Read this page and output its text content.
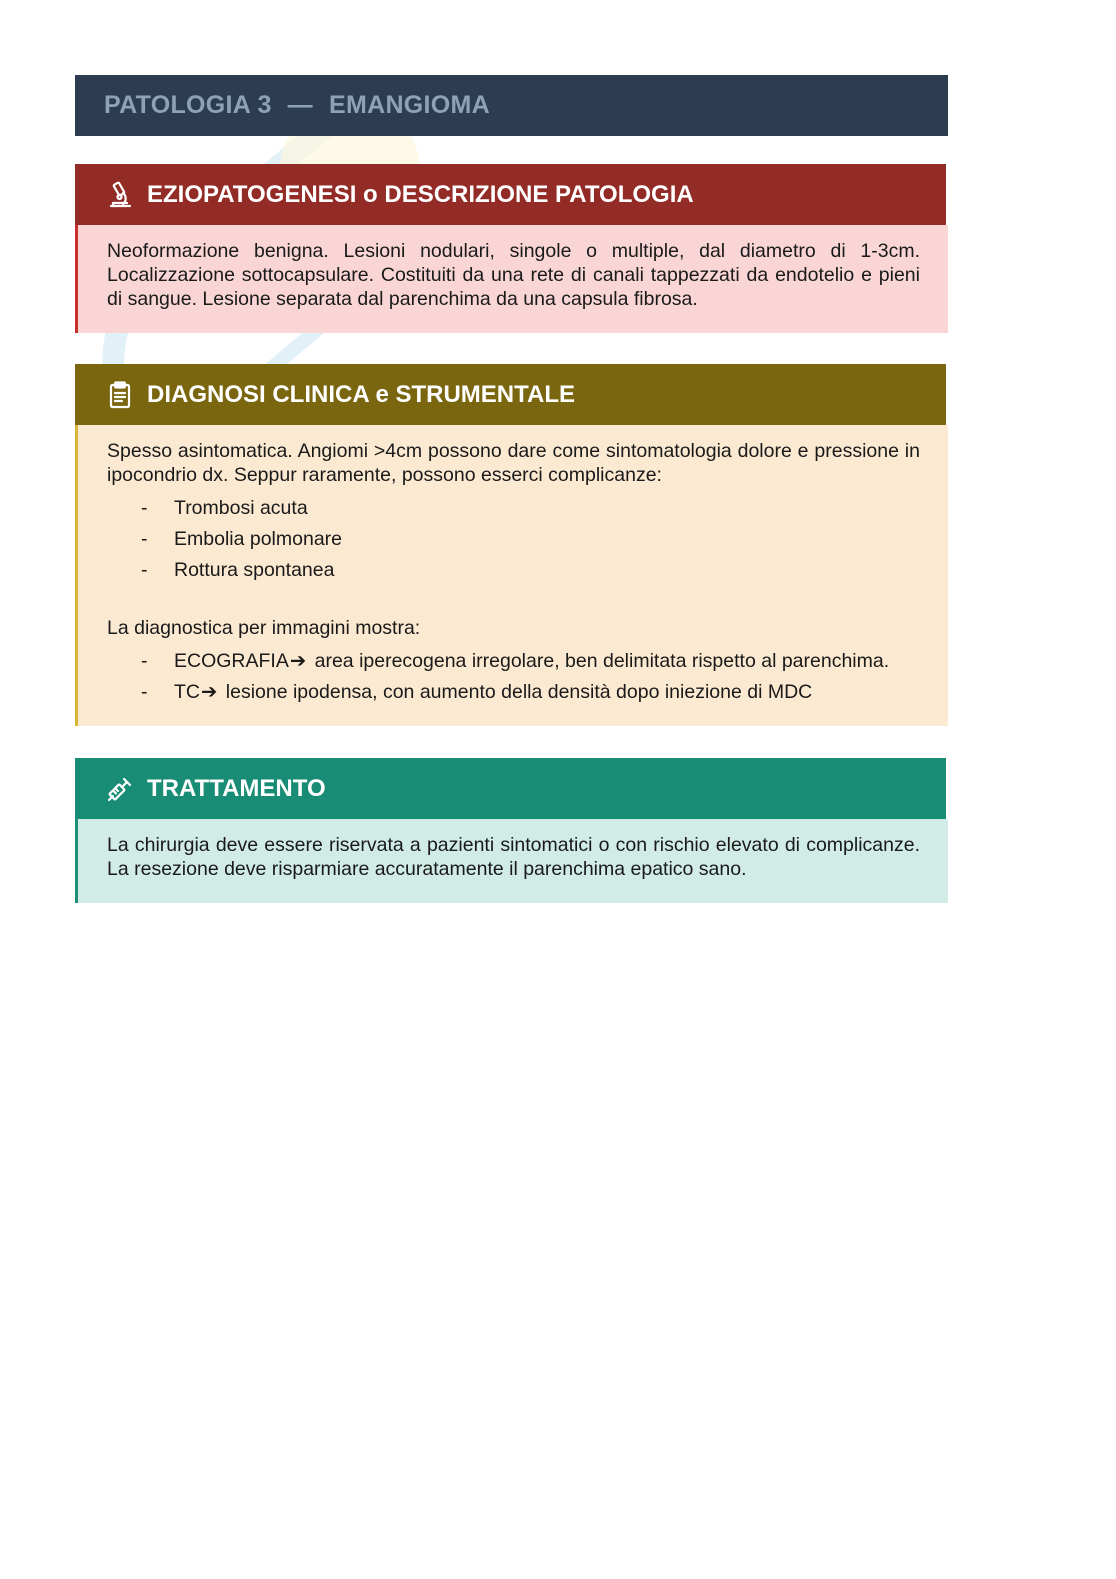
PATOLOGIA 3 — EMANGIOMA
EZIOPATOGENESI o DESCRIZIONE PATOLOGIA

Neoformazione benigna. Lesioni nodulari, singole o multiple, dal diametro di 1-3cm. Localizzazione sottocapsulare. Costituiti da una rete di canali tappezzati da endotelio e pieni di sangue. Lesione separata dal parenchima da una capsula fibrosa.

DIAGNOSI CLINICA e STRUMENTALE

Spesso asintomatica. Angiomi >4cm possono dare come sintomatologia dolore e pressione in ipocondrio dx. Seppur raramente, possono esserci complicanze:

- Trombosi acuta
- Embolia polmonare
- Rottura spontanea

La diagnostica per immagini mostra:

- ECOGRAFIA➔ area iperecogena irregolare, ben delimitata rispetto al parenchima.
- TC➔ lesione ipodensa, con aumento della densità dopo iniezione di MDC
TRATTAMENTO

La chirurgia deve essere riservata a pazienti sintomatici o con rischio elevato di complicanze. La resezione deve risparmiare accuratamente il parenchima epatico sano.
